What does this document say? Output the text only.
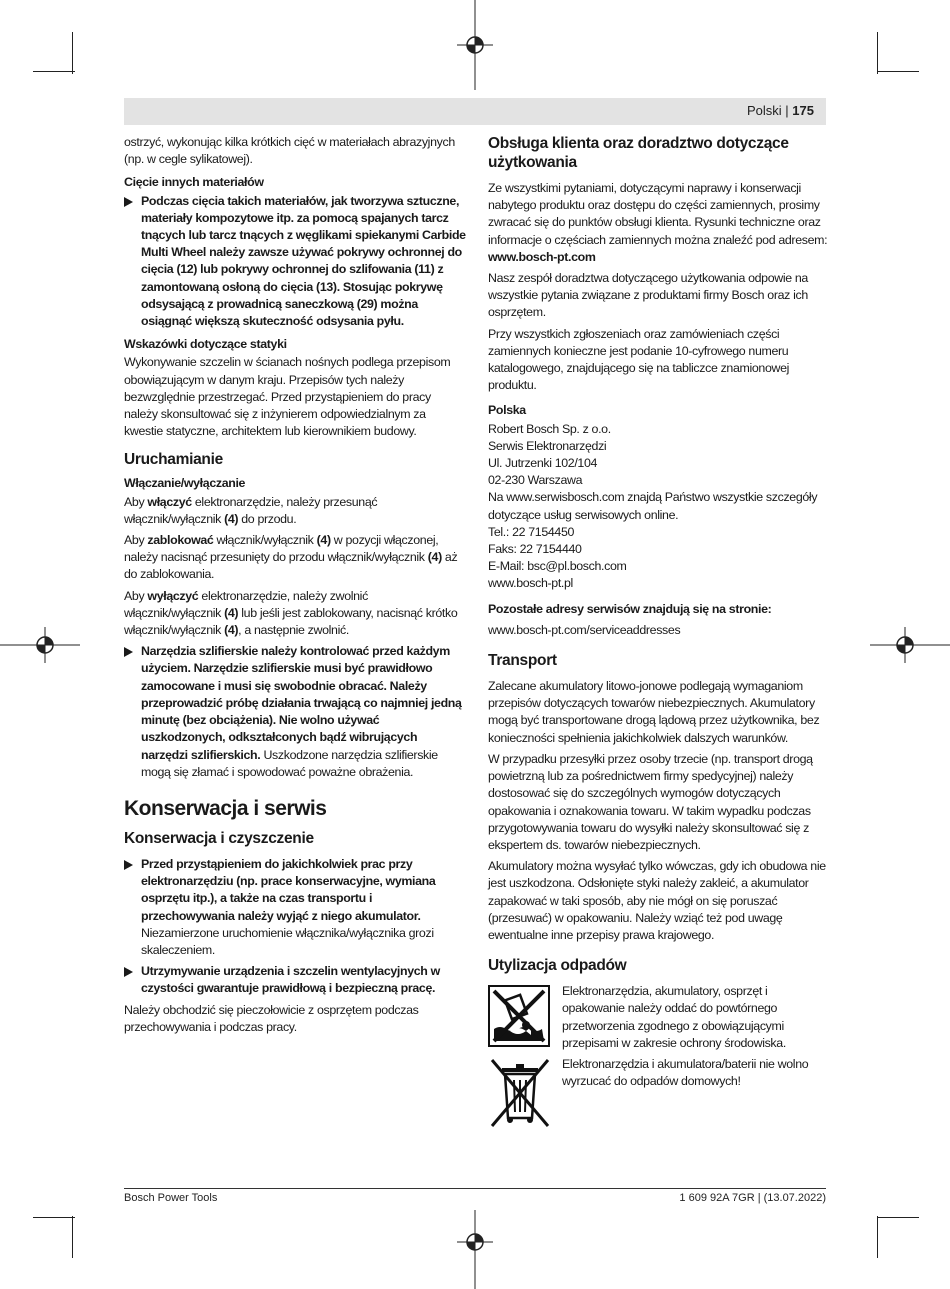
Polski | 175

ostrzyć, wykonując kilka krótkich cięć w materiałach abrazyjnych (np. w cegle sylikatowej).

Cięcie innych materiałów
Podczas cięcia takich materiałów, jak tworzywa sztuczne, materiały kompozytowe itp. za pomocą spajanych tarcz tnących lub tarcz tnących z węglikami spiekanymi Carbide Multi Wheel należy zawsze używać pokrywy ochronnej do cięcia (12) lub pokrywy ochronnej do szlifowania (11) z zamontowaną osłoną do cięcia (13). Stosując pokrywę odsysającą z prowadnicą saneczkową (29) można osiągnąć większą skuteczność odsysania pyłu.
Wskazówki dotyczące statyki

Wykonywanie szczelin w ścianach nośnych podlega przepisom obowiązującym w danym kraju. Przepisów tych należy bezwzględnie przestrzegać. Przed przystąpieniem do pracy należy skonsultować się z inżynierem odpowiedzialnym za kwestie statyczne, architektem lub kierownikiem budowy.

Uruchamianie
Włączanie/wyłączanie

Aby włączyć elektronarzędzie, należy przesunąć włącznik/wyłącznik (4) do przodu.

Aby zablokować włącznik/wyłącznik (4) w pozycji włączonej, należy nacisnąć przesunięty do przodu włącznik/wyłącznik (4) aż do zablokowania.

Aby wyłączyć elektronarzędzie, należy zwolnić włącznik/wyłącznik (4) lub jeśli jest zablokowany, nacisnąć krótko włącznik/wyłącznik (4), a następnie zwolnić.

Narzędzia szlifierskie należy kontrolować przed każdym użyciem. Narzędzie szlifierskie musi być prawidłowo zamocowane i musi się swobodnie obracać. Należy przeprowadzić próbę działania trwającą co najmniej jedną minutę (bez obciążenia). Nie wolno używać uszkodzonych, odkształconych bądź wibrujących narzędzi szlifierskich. Uszkodzone narzędzia szlifierskie mogą się złamać i spowodować poważne obrażenia.
Konserwacja i serwis
Konserwacja i czyszczenie
Przed przystąpieniem do jakichkolwiek prac przy elektronarzędziu (np. prace konserwacyjne, wymiana osprzętu itp.), a także na czas transportu i przechowywania należy wyjąć z niego akumulator. Niezamierzone uruchomienie włącznika/wyłącznika grozi skaleczeniem.
Utrzymywanie urządzenia i szczelin wentylacyjnych w czystości gwarantuje prawidłową i bezpieczną pracę.

Należy obchodzić się pieczołowicie z osprzętem podczas przechowywania i podczas pracy.

Obsługa klienta oraz doradztwo dotyczące użytkowania

Ze wszystkimi pytaniami, dotyczącymi naprawy i konserwacji nabytego produktu oraz dostępu do części zamiennych, prosimy zwracać się do punktów obsługi klienta. Rysunki techniczne oraz informacje o częściach zamiennych można znaleźć pod adresem: www.bosch-pt.com

Nasz zespół doradztwa dotyczącego użytkowania odpowie na wszystkie pytania związane z produktami firmy Bosch oraz ich osprzętem.

Przy wszystkich zgłoszeniach oraz zamówieniach części zamiennych konieczne jest podanie 10-cyfrowego numeru katalogowego, znajdującego się na tabliczce znamionowej produktu.

Polska
Robert Bosch Sp. z o.o.
Serwis Elektronarzędzi
Ul. Jutrzenki 102/104
02-230 Warszawa
Na www.serwisbosch.com znajdą Państwo wszystkie szczegóły dotyczące usług serwisowych online.
Tel.: 22 7154450
Faks: 22 7154440
E-Mail: bsc@pl.bosch.com
www.bosch-pt.pl
Pozostałe adresy serwisów znajdują się na stronie:

www.bosch-pt.com/serviceaddresses

Transport

Zalecane akumulatory litowo-jonowe podlegają wymaganiom przepisów dotyczących towarów niebezpiecznych. Akumulatory mogą być transportowane drogą lądową przez użytkownika, bez konieczności spełnienia jakichkolwiek dalszych warunków.

W przypadku przesyłki przez osoby trzecie (np. transport drogą powietrzną lub za pośrednictwem firmy spedycyjnej) należy dostosować się do szczególnych wymogów dotyczących opakowania i oznakowania towaru. W takim wypadku podczas przygotowywania towaru do wysyłki należy skonsultować się z ekspertem ds. towarów niebezpiecznych.

Akumulatory można wysyłać tylko wówczas, gdy ich obudowa nie jest uszkodzona. Odsłonięte styki należy zakleić, a akumulator zapakować w taki sposób, aby nie mógł on się poruszać (przesuwać) w opakowaniu. Należy wziąć też pod uwagę ewentualne inne przepisy prawa krajowego.

Utylizacja odpadów

Elektronarzędzia, akumulatory, osprzęt i opakowanie należy oddać do powtórnego przetworzenia zgodnego z obowiązującymi przepisami w zakresie ochrony środowiska.

Elektronarzędzia i akumulatora/baterii nie wolno wyrzucać do odpadów domowych!

Bosch Power Tools	1 609 92A 7GR | (13.07.2022)
